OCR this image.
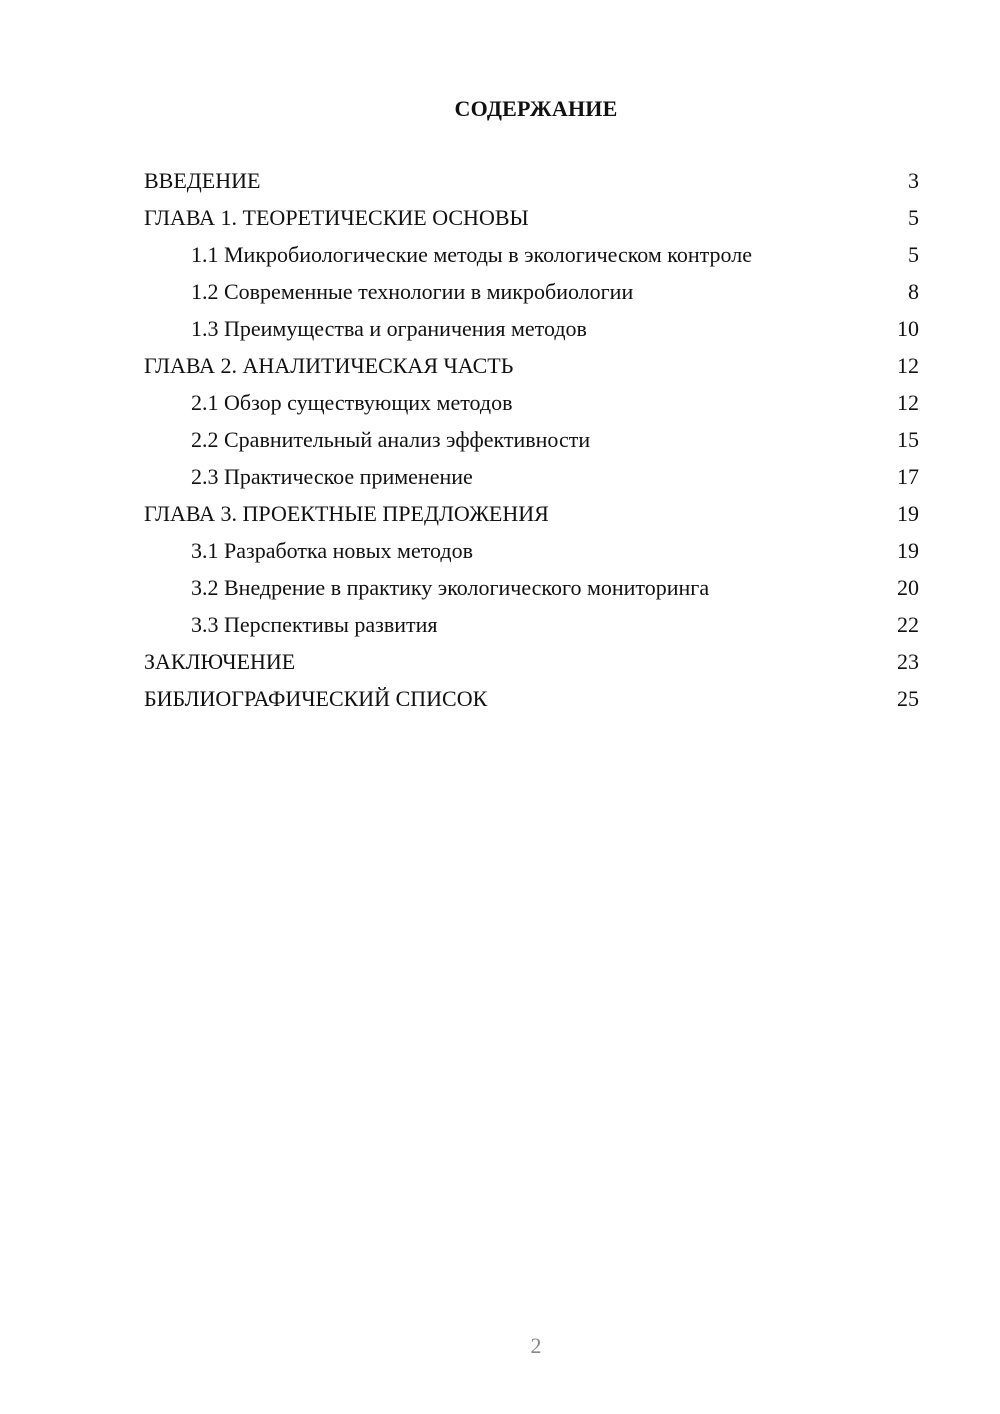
СОДЕРЖАНИЕ
ВВЕДЕНИЕ	3
ГЛАВА 1. ТЕОРЕТИЧЕСКИЕ ОСНОВЫ	5
1.1 Микробиологические методы в экологическом контроле	5
1.2 Современные технологии в микробиологии	8
1.3 Преимущества и ограничения методов	10
ГЛАВА 2. АНАЛИТИЧЕСКАЯ ЧАСТЬ	12
2.1 Обзор существующих методов	12
2.2 Сравнительный анализ эффективности	15
2.3 Практическое применение	17
ГЛАВА 3. ПРОЕКТНЫЕ ПРЕДЛОЖЕНИЯ	19
3.1 Разработка новых методов	19
3.2 Внедрение в практику экологического мониторинга	20
3.3 Перспективы развития	22
ЗАКЛЮЧЕНИЕ	23
БИБЛИОГРАФИЧЕСКИЙ СПИСОК	25
2
